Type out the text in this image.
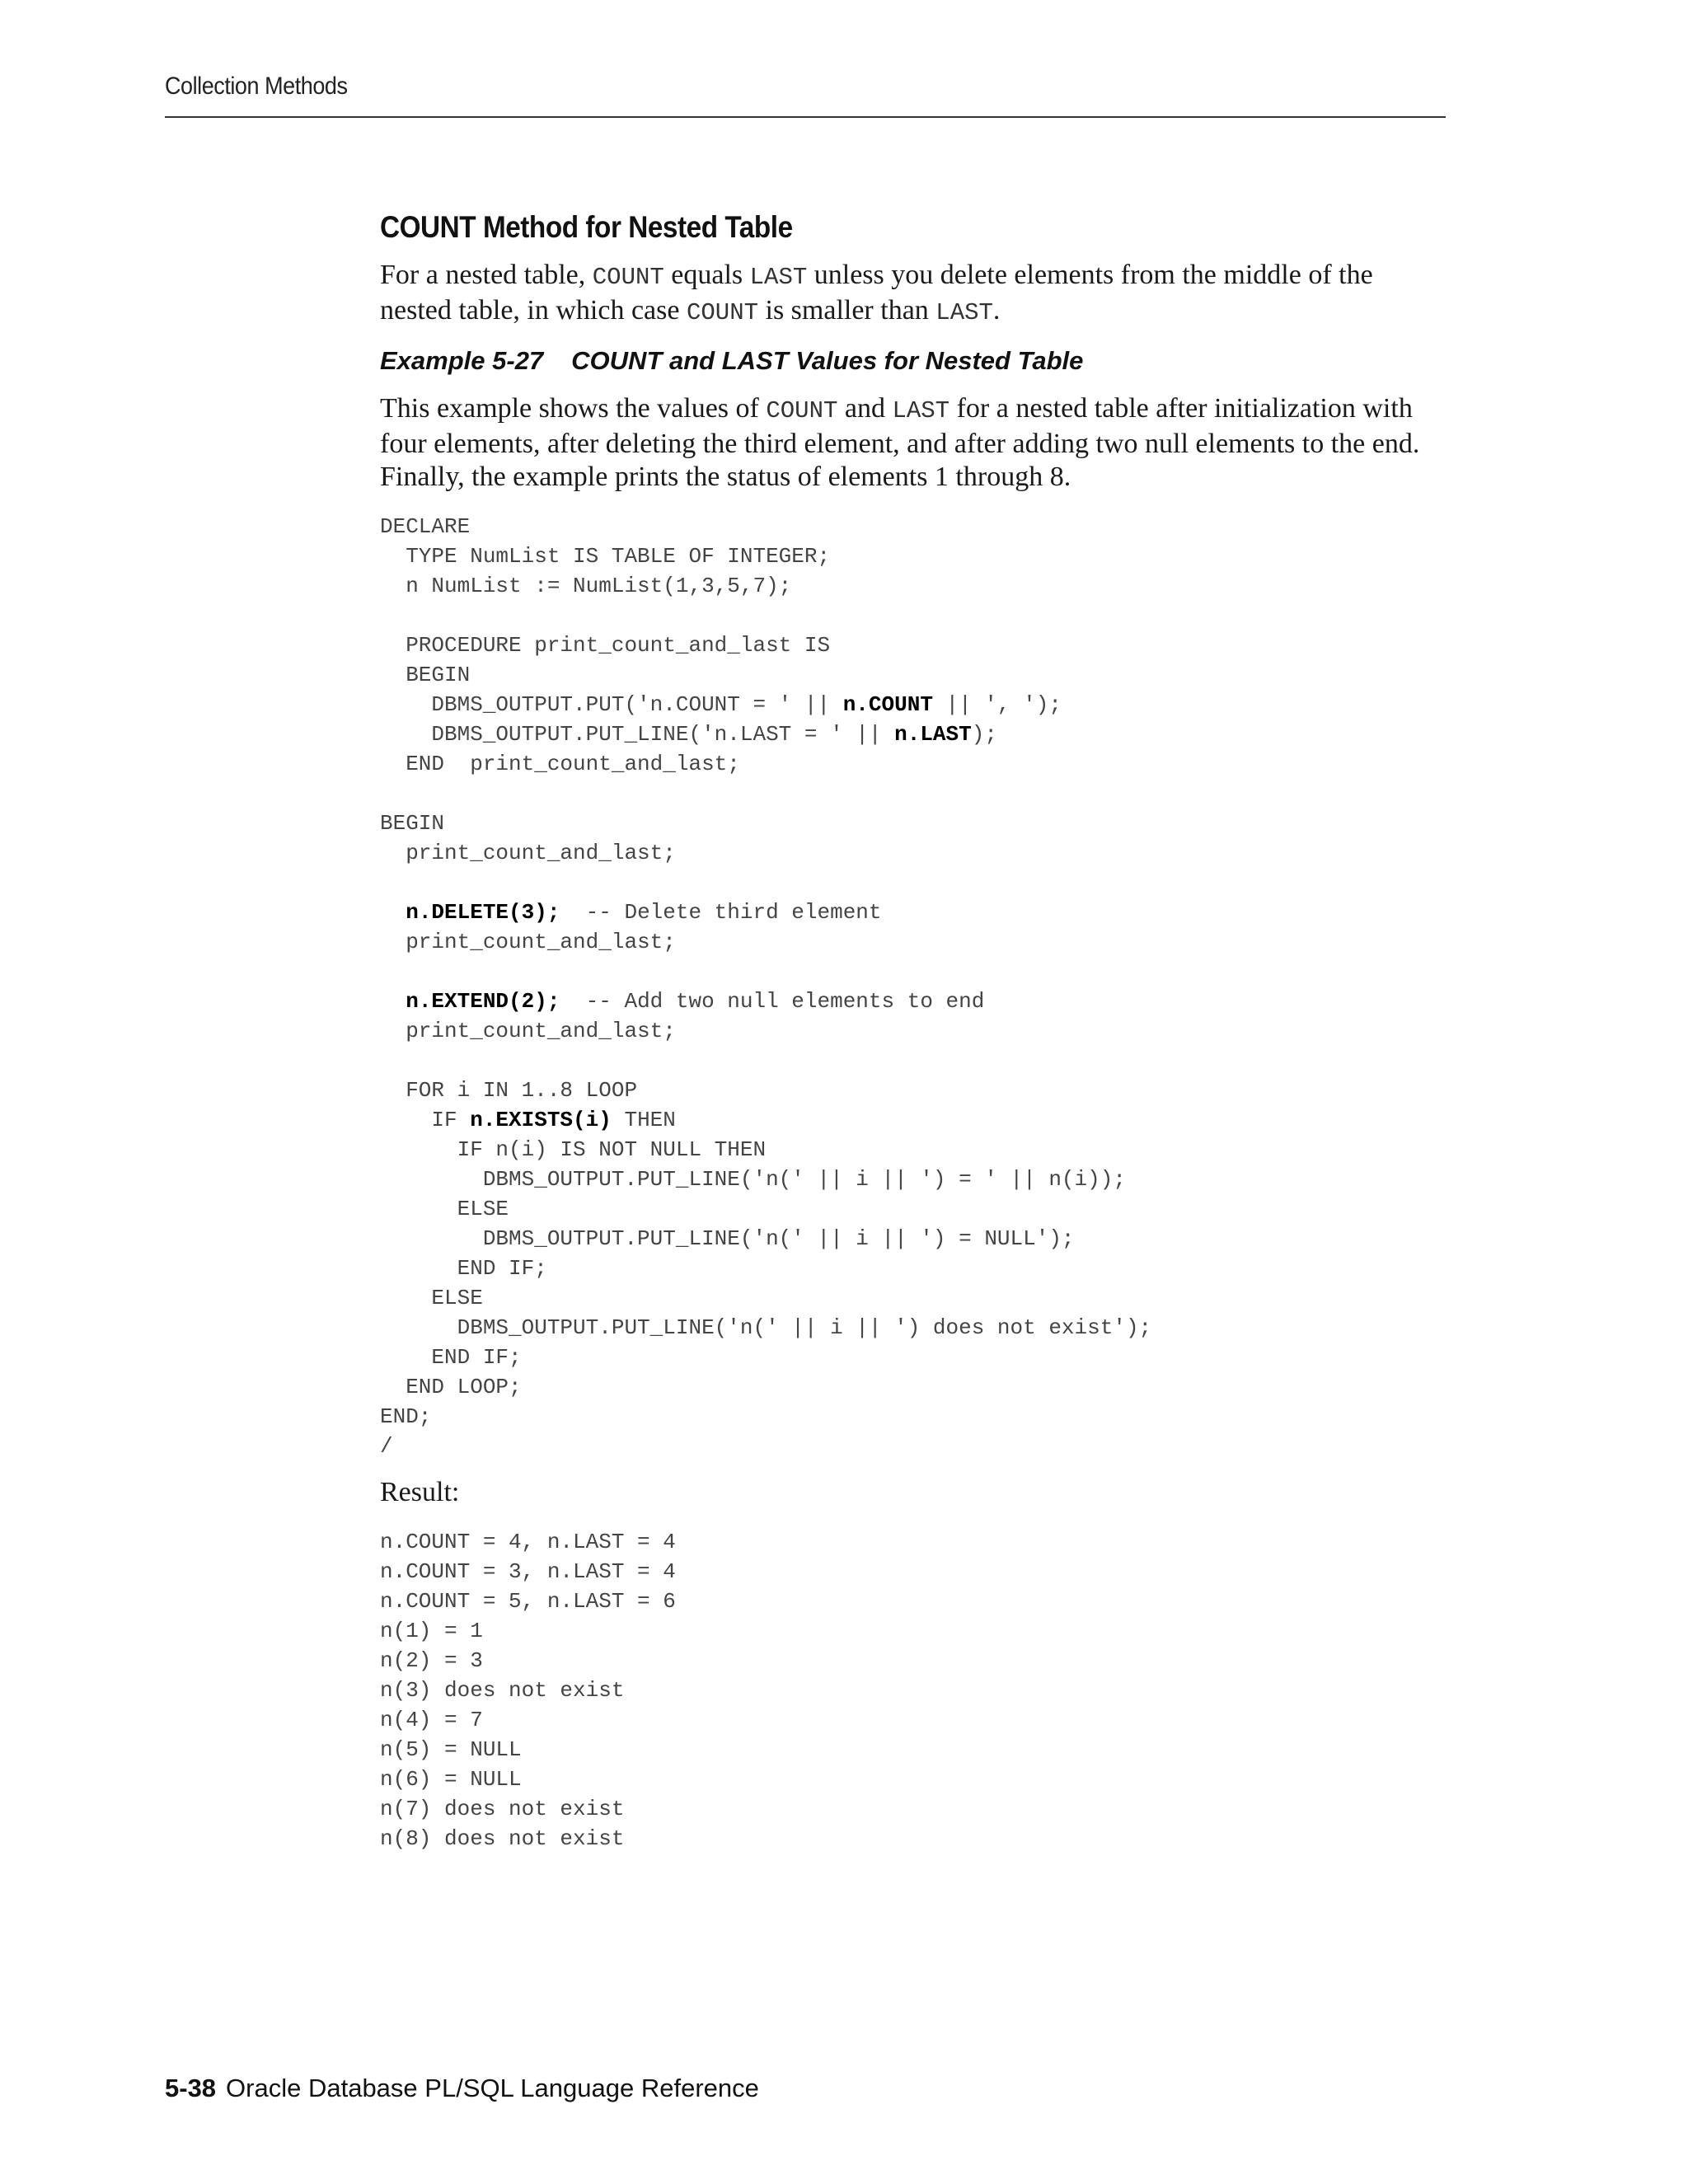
Collection Methods
COUNT Method for Nested Table

For a nested table, COUNT equals LAST unless you delete elements from the middle of the nested table, in which case COUNT is smaller than LAST.

Example 5-27 COUNT and LAST Values for Nested Table

This example shows the values of COUNT and LAST for a nested table after initialization with four elements, after deleting the third element, and after adding two null elements to the end. Finally, the example prints the status of elements 1 through 8.

DECLARE
TYPE NumList IS TABLE OF INTEGER;
n NumList := NumList(1,3,5,7);
PROCEDURE print_count_and_last IS
BEGIN
DBMS_OUTPUT.PUT('n.COUNT = ' || n.COUNT || ', ');
DBMS_OUTPUT.PUT_LINE('n.LAST = ' || n.LAST);
END  print_count_and_last;
BEGIN
print_count_and_last;
n.DELETE(3);  -- Delete third element
print_count_and_last;
n.EXTEND(2);  -- Add two null elements to end
print_count_and_last;
FOR i IN 1..8 LOOP
IF n.EXISTS(i) THEN
IF n(i) IS NOT NULL THEN
DBMS_OUTPUT.PUT_LINE('n(' || i || ') = ' || n(i));
ELSE
DBMS_OUTPUT.PUT_LINE('n(' || i || ') = NULL');
END IF;
ELSE
DBMS_OUTPUT.PUT_LINE('n(' || i || ') does not exist');
END IF;
END LOOP;
END;
/

Result:

n.COUNT = 4, n.LAST = 4
n.COUNT = 3, n.LAST = 4
n.COUNT = 5, n.LAST = 6
n(1) = 1
n(2) = 3
n(3) does not exist
n(4) = 7
n(5) = NULL
n(6) = NULL
n(7) does not exist
n(8) does not exist
5-38 Oracle Database PL/SQL Language Reference
